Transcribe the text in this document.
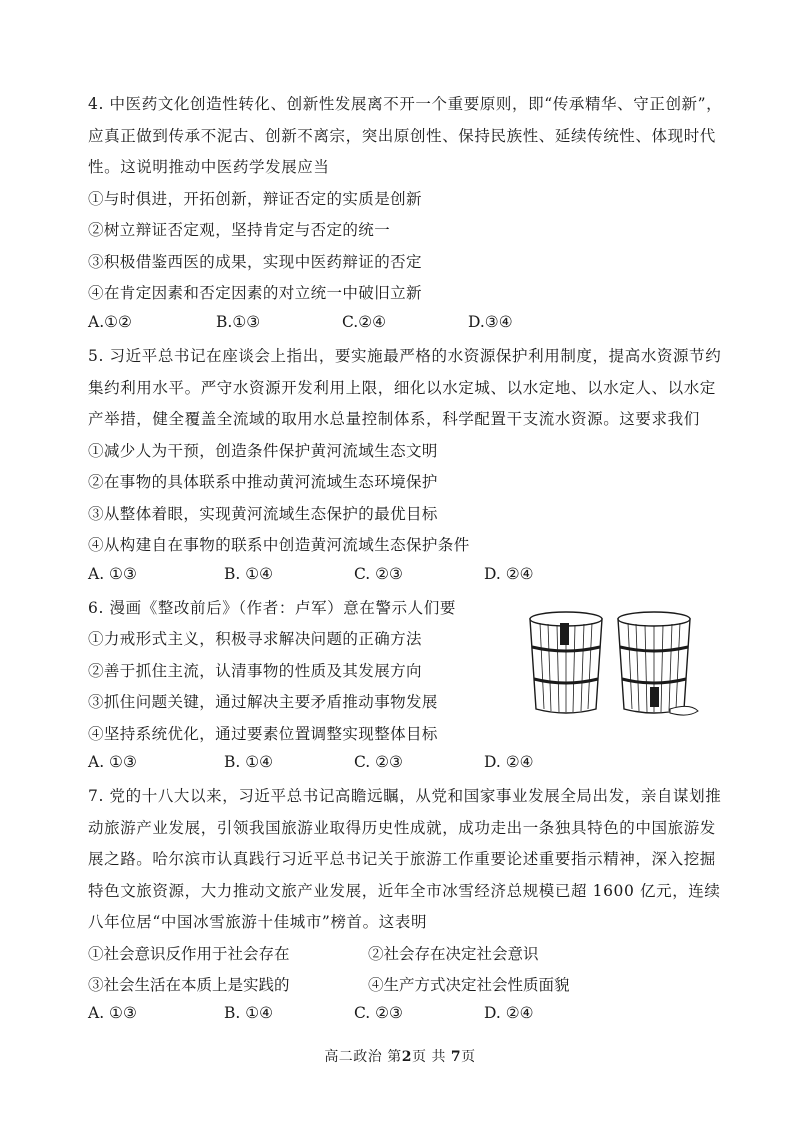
4. 中医药文化创造性转化、创新性发展离不开一个重要原则，即“传承精华、守正创新”，
应真正做到传承不泥古、创新不离宗，突出原创性、保持民族性、延续传统性、体现时代
性。这说明推动中医药学发展应当
①与时俱进，开拓创新，辩证否定的实质是创新
②树立辩证否定观，坚持肯定与否定的统一
③积极借鉴西医的成果，实现中医药辩证的否定
④在肯定因素和否定因素的对立统一中破旧立新
A.①②	B.①③	C.②④	D.③④
5. 习近平总书记在座谈会上指出，要实施最严格的水资源保护利用制度，提高水资源节约
集约利用水平。严守水资源开发利用上限，细化以水定城、以水定地、以水定人、以水定
产举措，健全覆盖全流域的取用水总量控制体系，科学配置干支流水资源。这要求我们
①减少人为干预，创造条件保护黄河流域生态文明
②在事物的具体联系中推动黄河流域生态环境保护
③从整体着眼，实现黄河流域生态保护的最优目标
④从构建自在事物的联系中创造黄河流域生态保护条件
A. ①③	B. ①④	C. ②③	D. ②④
6. 漫画《整改前后》（作者：卢军）意在警示人们要
①力戒形式主义，积极寻求解决问题的正确方法
②善于抓住主流，认清事物的性质及其发展方向
③抓住问题关键，通过解决主要矛盾推动事物发展
④坚持系统优化，通过要素位置调整实现整体目标
A. ①③	B. ①④	C. ②③	D. ②④
7. 党的十八大以来，习近平总书记高瞻远瞩，从党和国家事业发展全局出发，亲自谋划推
动旅游产业发展，引领我国旅游业取得历史性成就，成功走出一条独具特色的中国旅游发
展之路。哈尔滨市认真践行习近平总书记关于旅游工作重要论述重要指示精神，深入挖掘
特色文旅资源，大力推动文旅产业发展，近年全市冰雪经济总规模已超 1600 亿元，连续
八年位居“中国冰雪旅游十佳城市”榜首。这表明
①社会意识反作用于社会存在	②社会存在决定社会意识
③社会生活在本质上是实践的	④生产方式决定社会性质面貌
A. ①③	B. ①④	C. ②③	D. ②④
高二政治 第2页 共 7页
